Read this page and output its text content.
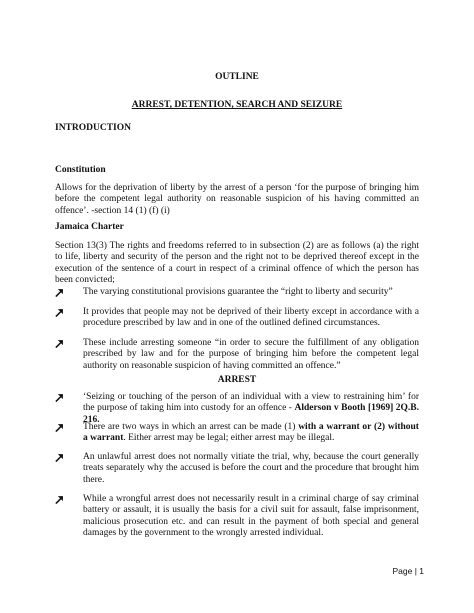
OUTLINE
ARREST, DETENTION, SEARCH AND SEIZURE
INTRODUCTION
Constitution
Allows for the deprivation of liberty by the arrest of a person ‘for the purpose of bringing him before the competent legal authority on reasonable suspicion of his having committed an offence’. -section 14 (1) (f) (i)
Jamaica Charter
Section 13(3) The rights and freedoms referred to in subsection (2) are as follows (a) the right to life, liberty and security of the person and the right not to be deprived thereof except in the execution of the sentence of a court in respect of a criminal offence of which the person has been convicted;
The varying constitutional provisions guarantee the “right to liberty and security”
It provides that people may not be deprived of their liberty except in accordance with a procedure prescribed by law and in one of the outlined defined circumstances.
These include arresting someone “in order to secure the fulfillment of any obligation prescribed by law and for the purpose of bringing him before the competent legal authority on reasonable suspicion of having committed an offence.”
ARREST
‘Seizing or touching of the person of an individual with a view to restraining him’ for the purpose of taking him into custody for an offence - Alderson v Booth [1969] 2Q.B. 216.
There are two ways in which an arrest can be made (1) with a warrant or (2) without a warrant. Either arrest may be legal; either arrest may be illegal.
An unlawful arrest does not normally vitiate the trial, why, because the court generally treats separately why the accused is before the court and the procedure that brought him there.
While a wrongful arrest does not necessarily result in a criminal charge of say criminal battery or assault, it is usually the basis for a civil suit for assault, false imprisonment, malicious prosecution etc. and can result in the payment of both special and general damages by the government to the wrongly arrested individual.
Page | 1
